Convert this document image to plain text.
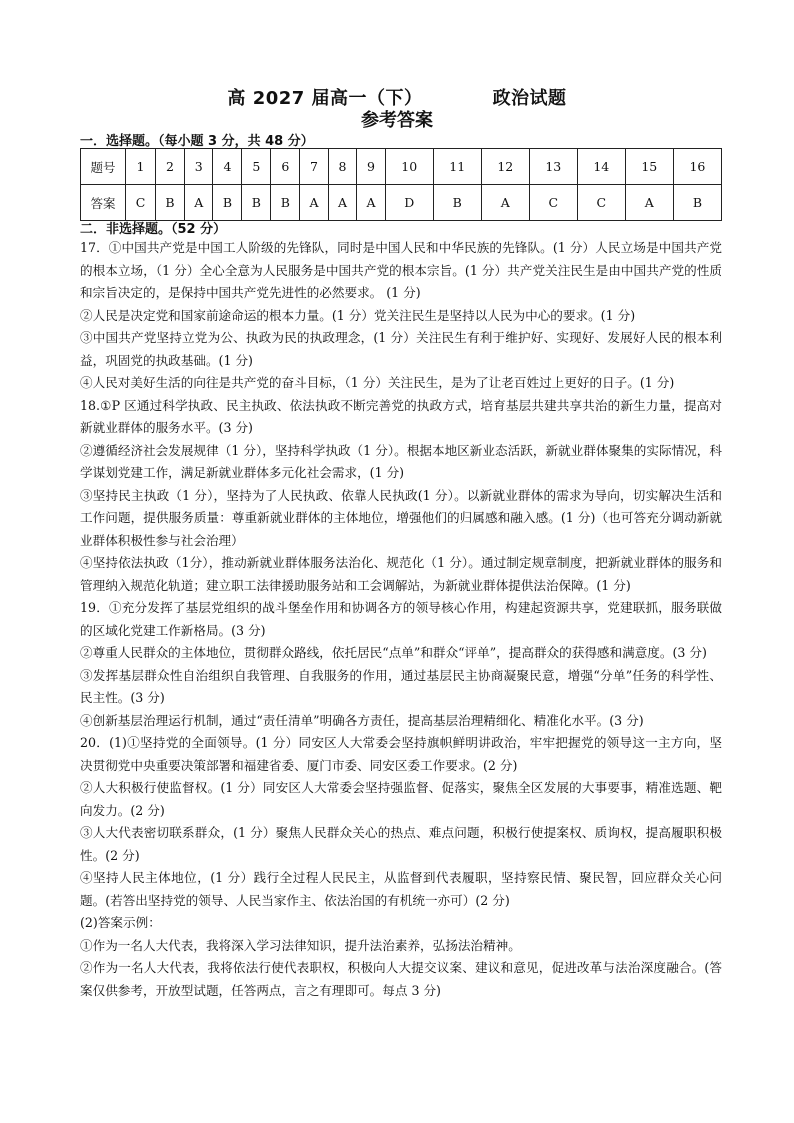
高 2027 届高一（下）	政治试题
参考答案
一．选择题。（每小题 3 分，共 48 分）
题号	1	2	3	4	5	6	7	8	9	10	11	12	13	14	15	16
答案	C	B	A	B	B	B	A	A	A	D	B	A	C	C	A	B
二．非选择题。（52 分）

17．①中国共产党是中国工人阶级的先锋队，同时是中国人民和中华民族的先锋队。(1 分）人民立场是中国共产党的根本立场，（1 分）全心全意为人民服务是中国共产党的根本宗旨。(1 分）共产党关注民生是由中国共产党的性质和宗旨决定的，是保持中国共产党先进性的必然要求。 (1 分)

②人民是决定党和国家前途命运的根本力量。(1 分）党关注民生是坚持以人民为中心的要求。(1 分)

③中国共产党坚持立党为公、执政为民的执政理念，(1 分）关注民生有利于维护好、实现好、发展好人民的根本利益，巩固党的执政基础。(1 分)

④人民对美好生活的向往是共产党的奋斗目标，（1 分）关注民生，是为了让老百姓过上更好的日子。(1 分)

18.①P 区通过科学执政、民主执政、依法执政不断完善党的执政方式，培育基层共建共享共治的新生力量，提高对新就业群体的服务水平。(3 分)

②遵循经济社会发展规律（1 分），坚持科学执政（1 分）。根据本地区新业态活跃，新就业群体聚集的实际情况，科学谋划党建工作，满足新就业群体多元化社会需求，(1 分)

③坚持民主执政（1 分），坚持为了人民执政、依靠人民执政(1 分）。以新就业群体的需求为导向，切实解决生活和工作问题，提供服务质量：尊重新就业群体的主体地位，增强他们的归属感和融入感。(1 分)（也可答充分调动新就业群体积极性参与社会治理）

④坚持依法执政（1分），推动新就业群体服务法治化、规范化（1 分）。通过制定规章制度，把新就业群体的服务和管理纳入规范化轨道；建立职工法律援助服务站和工会调解站，为新就业群体提供法治保障。(1 分)

19．①充分发挥了基层党组织的战斗堡垒作用和协调各方的领导核心作用，构建起资源共享，党建联抓，服务联做的区域化党建工作新格局。(3 分)

②尊重人民群众的主体地位，贯彻群众路线，依托居民“点单”和群众“评单”，提高群众的获得感和满意度。(3 分)

③发挥基层群众性自治组织自我管理、自我服务的作用，通过基层民主协商凝聚民意，增强“分单”任务的科学性、民主性。(3 分)

④创新基层治理运行机制，通过“责任清单”明确各方责任，提高基层治理精细化、精准化水平。(3 分)

20．(1)①坚持党的全面领导。(1 分）同安区人大常委会坚持旗帜鲜明讲政治，牢牢把握党的领导这一主方向，坚决贯彻党中央重要决策部署和福建省委、厦门市委、同安区委工作要求。(2 分)

②人大积极行使监督权。(1 分）同安区人大常委会坚持强监督、促落实，聚焦全区发展的大事要事，精准选题、靶向发力。(2 分)

③人大代表密切联系群众，(1 分）聚焦人民群众关心的热点、难点问题，积极行使提案权、质询权，提高履职积极性。(2 分)

④坚持人民主体地位，(1 分）践行全过程人民民主，从监督到代表履职，坚持察民情、聚民智，回应群众关心问题。(若答出坚持党的领导、人民当家作主、依法治国的有机统一亦可）(2 分)

(2)答案示例：

①作为一名人大代表，我将深入学习法律知识，提升法治素养，弘扬法治精神。

②作为一名人大代表，我将依法行使代表职权，积极向人大提交议案、建议和意见，促进改革与法治深度融合。(答案仅供参考，开放型试题，任答两点，言之有理即可。每点 3 分)
